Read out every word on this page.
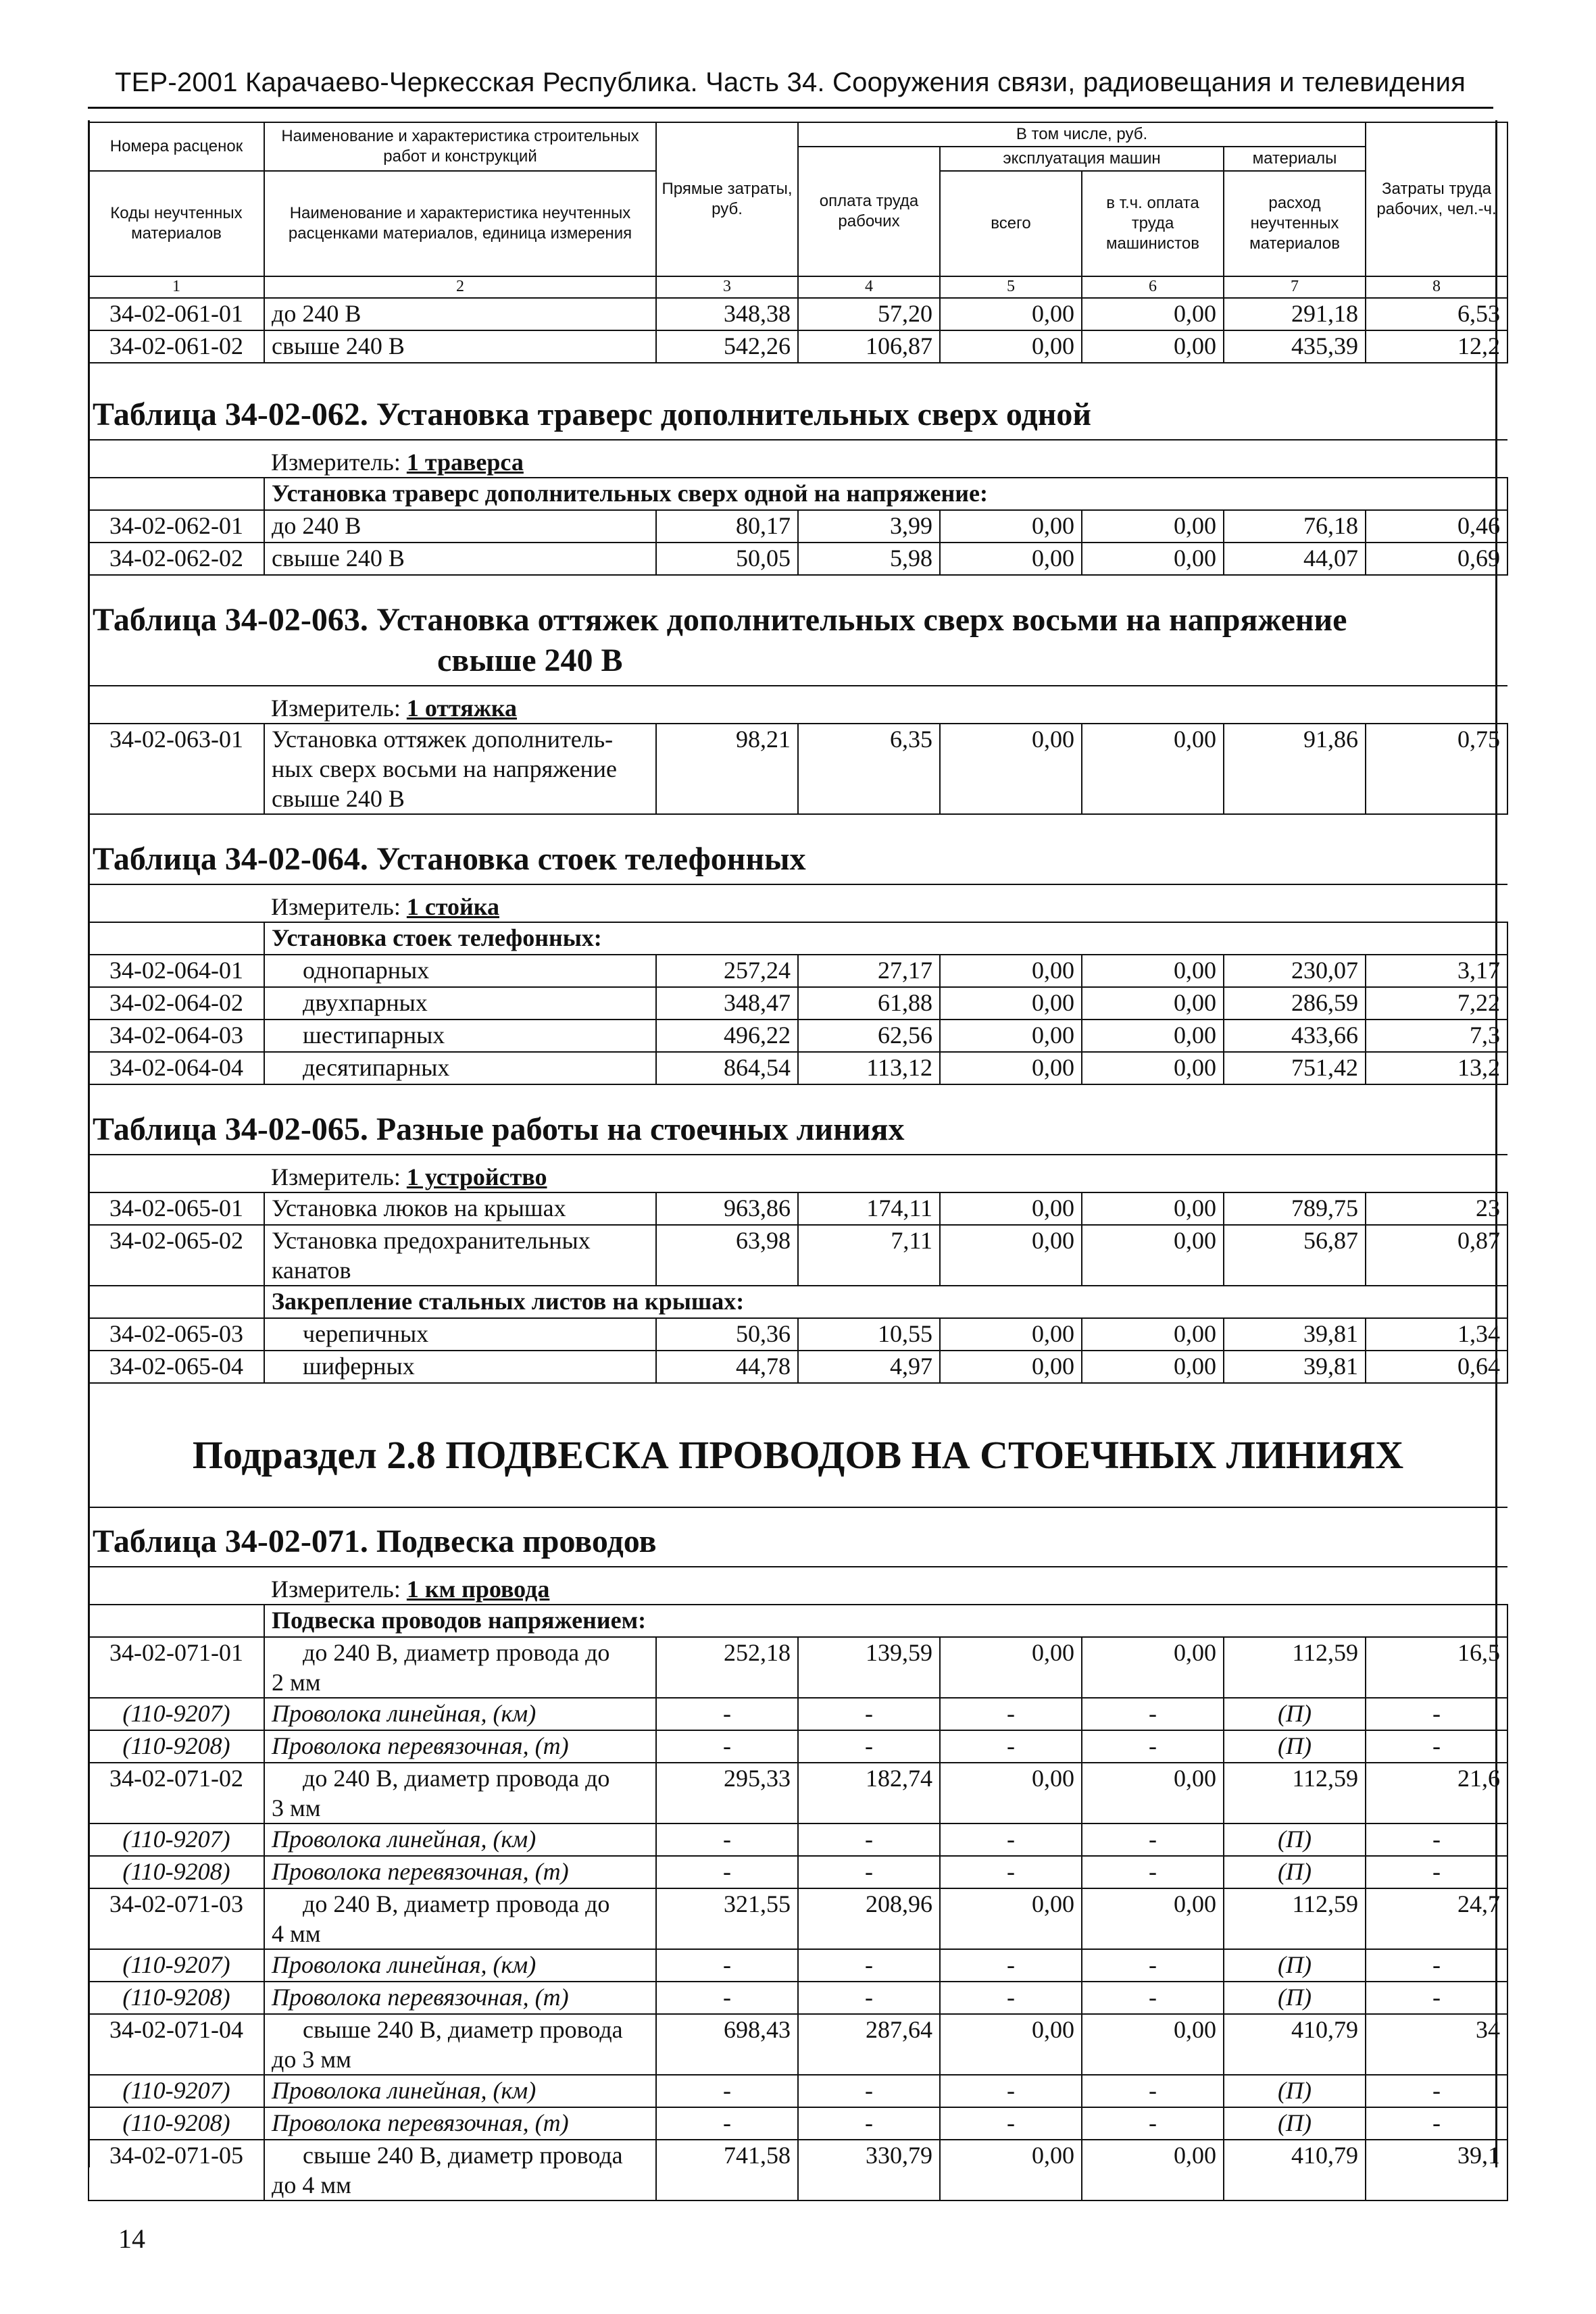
ТЕР-2001 Карачаево-Черкесская Республика. Часть 34. Сооружения связи, радиовещания и телевидения
Номера расценок	Наименование и характеристика строительных работ и конструкций	Прямые затраты, руб.	В том числе, руб.				Затраты труда рабочих, чел.-ч.
			оплата труда рабочих	эксплуатация машин		материалы	
Коды неучтенных материалов	Наименование и характеристика неучтенных расценками материалов, единица измерения			всего	в т.ч. оплата труда машинистов	расход неучтенных материалов	

1	2	3	4	5	6	7	8
34-02-061-01	до 240 В	348,38	57,20	0,00	0,00	291,18	6,53
34-02-061-02	свыше 240 В	542,26	106,87	0,00	0,00	435,39	12,2
Таблица 34-02-062. Установка траверс дополнительных сверх одной							
	Измеритель: 1 траверса						
	Установка траверс дополнительных сверх одной на напряжение:						
34-02-062-01	до 240 В	80,17	3,99	0,00	0,00	76,18	0,46
34-02-062-02	свыше 240 В	50,05	5,98	0,00	0,00	44,07	0,69
Таблица 34-02-063. Установка оттяжек дополнительных сверх восьми на напряжение
свыше 240 В							
	Измеритель: 1 оттяжка						
34-02-063-01	Установка оттяжек дополнитель-
ных сверх восьми на напряжение
свыше 240 В	98,21	6,35	0,00	0,00	91,86	0,75
Таблица 34-02-064. Установка стоек телефонных							
	Измеритель: 1 стойка						
	Установка стоек телефонных:						
34-02-064-01	однопарных	257,24	27,17	0,00	0,00	230,07	3,17
34-02-064-02	двухпарных	348,47	61,88	0,00	0,00	286,59	7,22
34-02-064-03	шестипарных	496,22	62,56	0,00	0,00	433,66	7,3
34-02-064-04	десятипарных	864,54	113,12	0,00	0,00	751,42	13,2
Таблица 34-02-065. Разные работы на стоечных линиях							
	Измеритель: 1 устройство						
34-02-065-01	Установка люков на крышах	963,86	174,11	0,00	0,00	789,75	23
34-02-065-02	Установка предохранительных
канатов	63,98	7,11	0,00	0,00	56,87	0,87
	Закрепление стальных листов на крышах:						
34-02-065-03	черепичных	50,36	10,55	0,00	0,00	39,81	1,34
34-02-065-04	шиферных	44,78	4,97	0,00	0,00	39,81	0,64
Подраздел 2.8 ПОДВЕСКА ПРОВОДОВ НА СТОЕЧНЫХ ЛИНИЯХ							
Таблица 34-02-071. Подвеска проводов							
	Измеритель: 1 км провода						
	Подвеска проводов напряжением:						
34-02-071-01	до 240 В, диаметр провода до
2 мм	252,18	139,59	0,00	0,00	112,59	16,5
(110-9207)	Проволока линейная, (км)	-	-	-	-	(П)	-
(110-9208)	Проволока перевязочная, (т)	-	-	-	-	(П)	-
34-02-071-02	до 240 В, диаметр провода до
3 мм	295,33	182,74	0,00	0,00	112,59	21,6
(110-9207)	Проволока линейная, (км)	-	-	-	-	(П)	-
(110-9208)	Проволока перевязочная, (т)	-	-	-	-	(П)	-
34-02-071-03	до 240 В, диаметр провода до
4 мм	321,55	208,96	0,00	0,00	112,59	24,7
(110-9207)	Проволока линейная, (км)	-	-	-	-	(П)	-
(110-9208)	Проволока перевязочная, (т)	-	-	-	-	(П)	-
34-02-071-04	свыше 240 В, диаметр провода
до 3 мм	698,43	287,64	0,00	0,00	410,79	34
(110-9207)	Проволока линейная, (км)	-	-	-	-	(П)	-
(110-9208)	Проволока перевязочная, (т)	-	-	-	-	(П)	-
34-02-071-05	свыше 240 В, диаметр провода
до 4 мм	741,58	330,79	0,00	0,00	410,79	39,1
14
